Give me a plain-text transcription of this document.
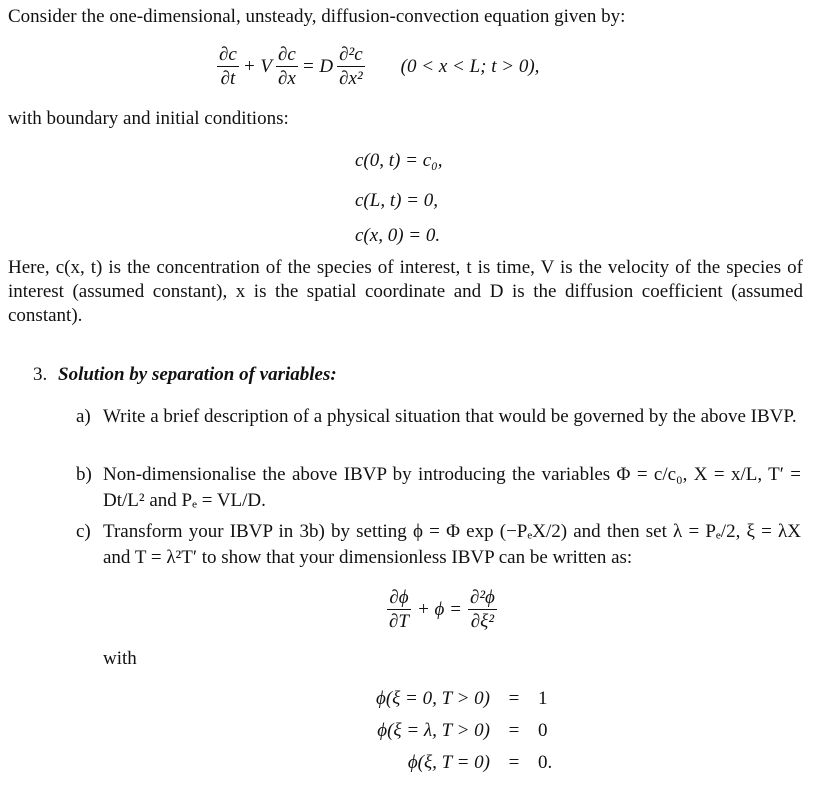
Consider the one-dimensional, unsteady, diffusion-convection equation given by:
$\frac{\partial c}{\partial t} + V \frac{\partial c}{\partial x} = D \frac{\text{∂²c}}{\text{∂x²}} (0 < x < L$; t > 0),
with boundary and initial conditions:
c(0, t) = c₀,
c(L, t) = 0,
c(x, 0) = 0.
Here, c(x, t) is the concentration of the species of interest, t is time, V is the velocity of the species of interest (assumed constant), x is the spatial coordinate and D is the diffusion coefficient (assumed constant).
3. Solution by separation of variables:
a) Write a brief description of a physical situation that would be governed by the above IBVP.
b) Non-dimensionalise the above IBVP by introducing the variables Φ = c/c₀, X = x/L, T′ = Dt/L² and Pₑ = VL/D.
c) Transform your IBVP in 3b) by setting ϕ = Φ exp (−PₑX/2) and then set λ = Pₑ/2, ξ = λX and T = λ²T′ to show that your dimensionless IBVP can be written as:
$\frac{\partial\phi}{\partial T} + \phi = \frac{\text{∂²ϕ}}{\text{∂ξ²}}$
with
ϕ(ξ = 0, T > 0) = 1
ϕ(ξ = λ, T > 0) = 0
ϕ(ξ, T = 0) = 0.
